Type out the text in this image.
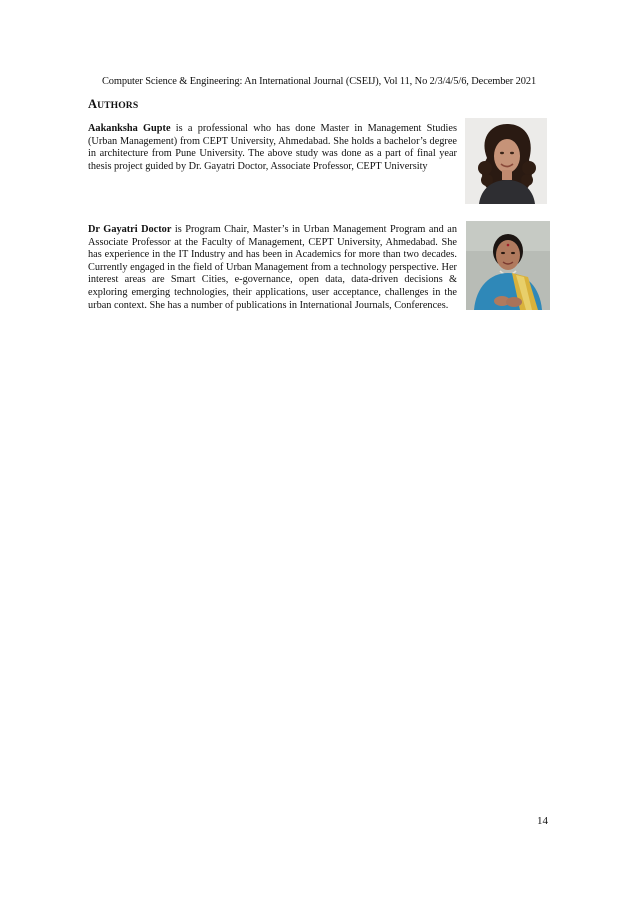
Computer Science & Engineering: An International Journal (CSEIJ), Vol 11, No 2/3/4/5/6, December 2021
AUTHORS
Aakanksha Gupte is a professional who has done Master in Management Studies (Urban Management) from CEPT University, Ahmedabad. She holds a bachelor’s degree in architecture from Pune University. The above study was done as a part of final year thesis project guided by Dr. Gayatri Doctor, Associate Professor, CEPT University
Dr Gayatri Doctor is Program Chair, Master’s in Urban Management Program and an Associate Professor at the Faculty of Management, CEPT University, Ahmedabad. She has experience in the IT Industry and has been in Academics for more than two decades. Currently engaged in the field of Urban Management from a technology perspective. Her interest areas are Smart Cities, e-governance, open data, data-driven decisions & exploring emerging technologies, their applications, user acceptance, challenges in the urban context. She has a number of publications in International Journals, Conferences.
14
